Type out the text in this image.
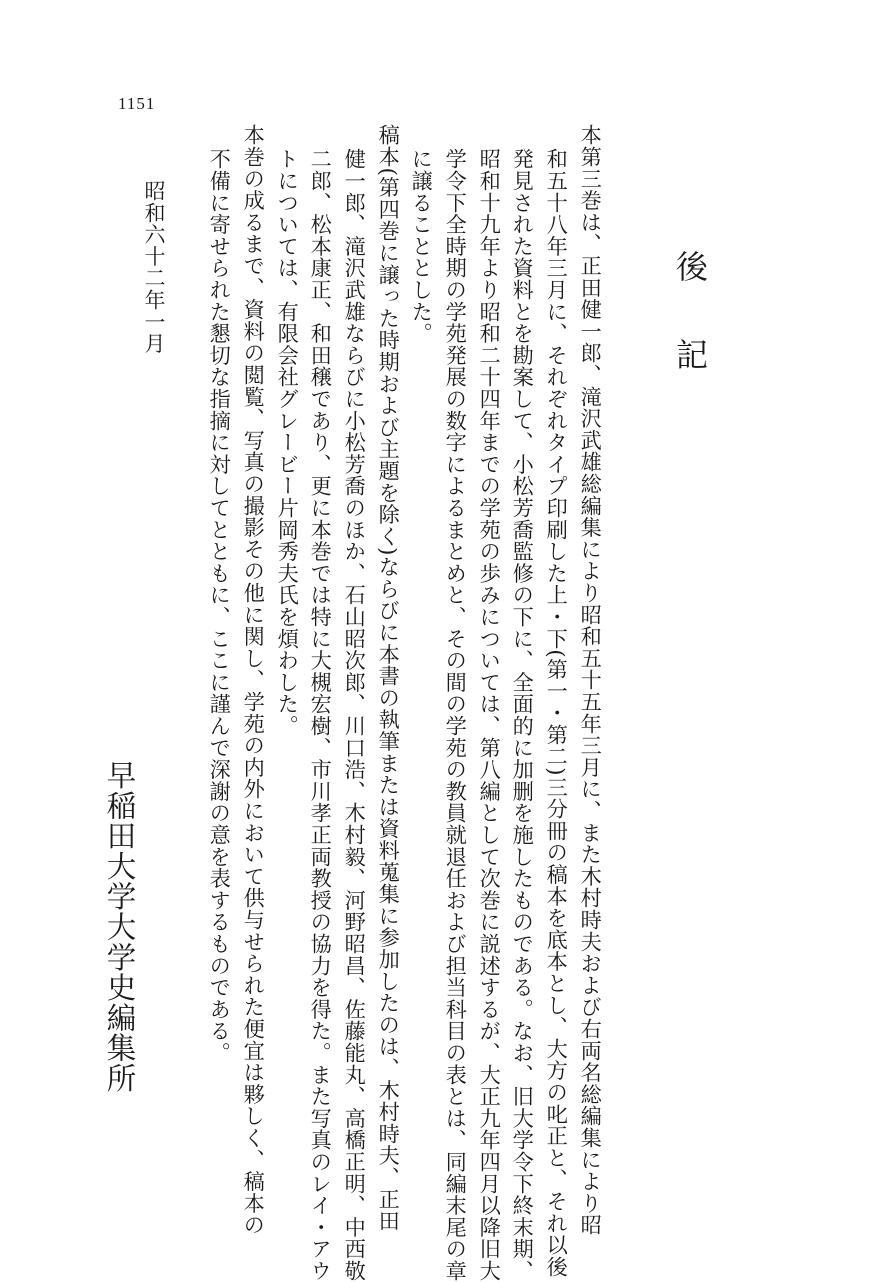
1151
後
記
本第三巻は、正田健一郎、滝沢武雄総編集により昭和五十五年三月に、また木村時夫および右両名総編集により昭
和五十八年三月に、それぞれタイプ印刷した上・下(第一・第二)三分冊の稿本を底本とし、大方の叱正と、それ以後
発見された資料とを勘案して、小松芳喬監修の下に、全面的に加删を施したものである。なお、旧大学令下終末期、
昭和十九年より昭和二十四年までの学苑の歩みについては、第八編として次巻に説述するが、大正九年四月以降旧大
学令下全時期の学苑発展の数字によるまとめと、その間の学苑の教員就退任および担当科目の表とは、同編末尾の章
に譲ることとした。
稿本(第四巻に譲った時期および主題を除く)ならびに本書の執筆または資料蒐集に参加したのは、木村時夫、正田
健一郎、滝沢武雄ならびに小松芳喬のほか、石山昭次郎、川口浩、木村毅、河野昭昌、佐藤能丸、高橋正明、中西敬
二郎、松本康正、和田穣であり、更に本巻では特に大槻宏樹、市川孝正両教授の協力を得た。また写真のレイ・アウ
トについては、有限会社グレービー片岡秀夫氏を煩わした。
本巻の成るまで、資料の閲覧、写真の撮影その他に関し、学苑の内外において供与せられた便宜は夥しく、稿本の
不備に寄せられた懇切な指摘に対してとともに、ここに謹んで深謝の意を表するものである。
昭和六十二年一月
早稲田大学大学史編集所
